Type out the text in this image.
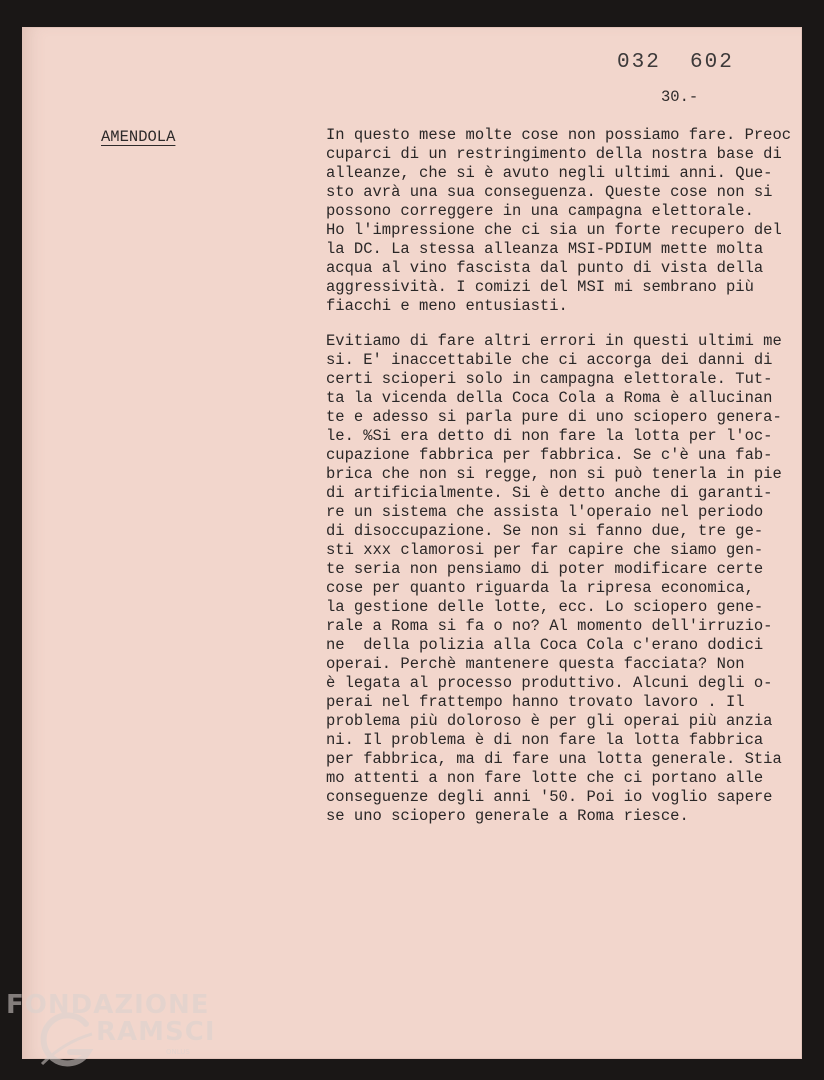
032  602
30.-
AMENDOLA	In questo mese molte cose non possiamo fare. Preoc

cuparci di un restringimento della nostra base di

alleanze, che si è avuto negli ultimi anni. Que-

sto avrà una sua conseguenza. Queste cose non si

possono correggere in una campagna elettorale.

Ho l'impressione che ci sia un forte recupero del

la DC. La stessa alleanza MSI-PDIUM mette molta

acqua al vino fascista dal punto di vista della

aggressività. I comizi del MSI mi sembrano più

fiacchi e meno entusiasti.

Evitiamo di fare altri errori in questi ultimi me

si. E' inaccettabile che ci accorga dei danni di

certi scioperi solo in campagna elettorale. Tut-

ta la vicenda della Coca Cola a Roma è allucinan

te e adesso si parla pure di uno sciopero genera-

le. %Si era detto di non fare la lotta per l'oc-

cupazione fabbrica per fabbrica. Se c'è una fab-

brica che non si regge, non si può tenerla in pie

di artificialmente. Si è detto anche di garanti-

re un sistema che assista l'operaio nel periodo

di disoccupazione. Se non si fanno due, tre ge-

sti xxx clamorosi per far capire che siamo gen-

te seria non pensiamo di poter modificare certe

cose per quanto riguarda la ripresa economica,

la gestione delle lotte, ecc. Lo sciopero gene-

rale a Roma si fa o no? Al momento dell'irruzio-

ne  della polizia alla Coca Cola c'erano dodici

operai. Perchè mantenere questa facciata? Non

è legata al processo produttivo. Alcuni degli o-

perai nel frattempo hanno trovato lavoro . Il

problema più doloroso è per gli operai più anzia

ni. Il problema è di non fare la lotta fabbrica

per fabbrica, ma di fare una lotta generale. Stia

mo attenti a non fare lotte che ci portano alle

conseguenze degli anni '50. Poi io voglio sapere

se uno sciopero generale a Roma riesce.

FONDAZIONE
RAMSCI
ONLUS
